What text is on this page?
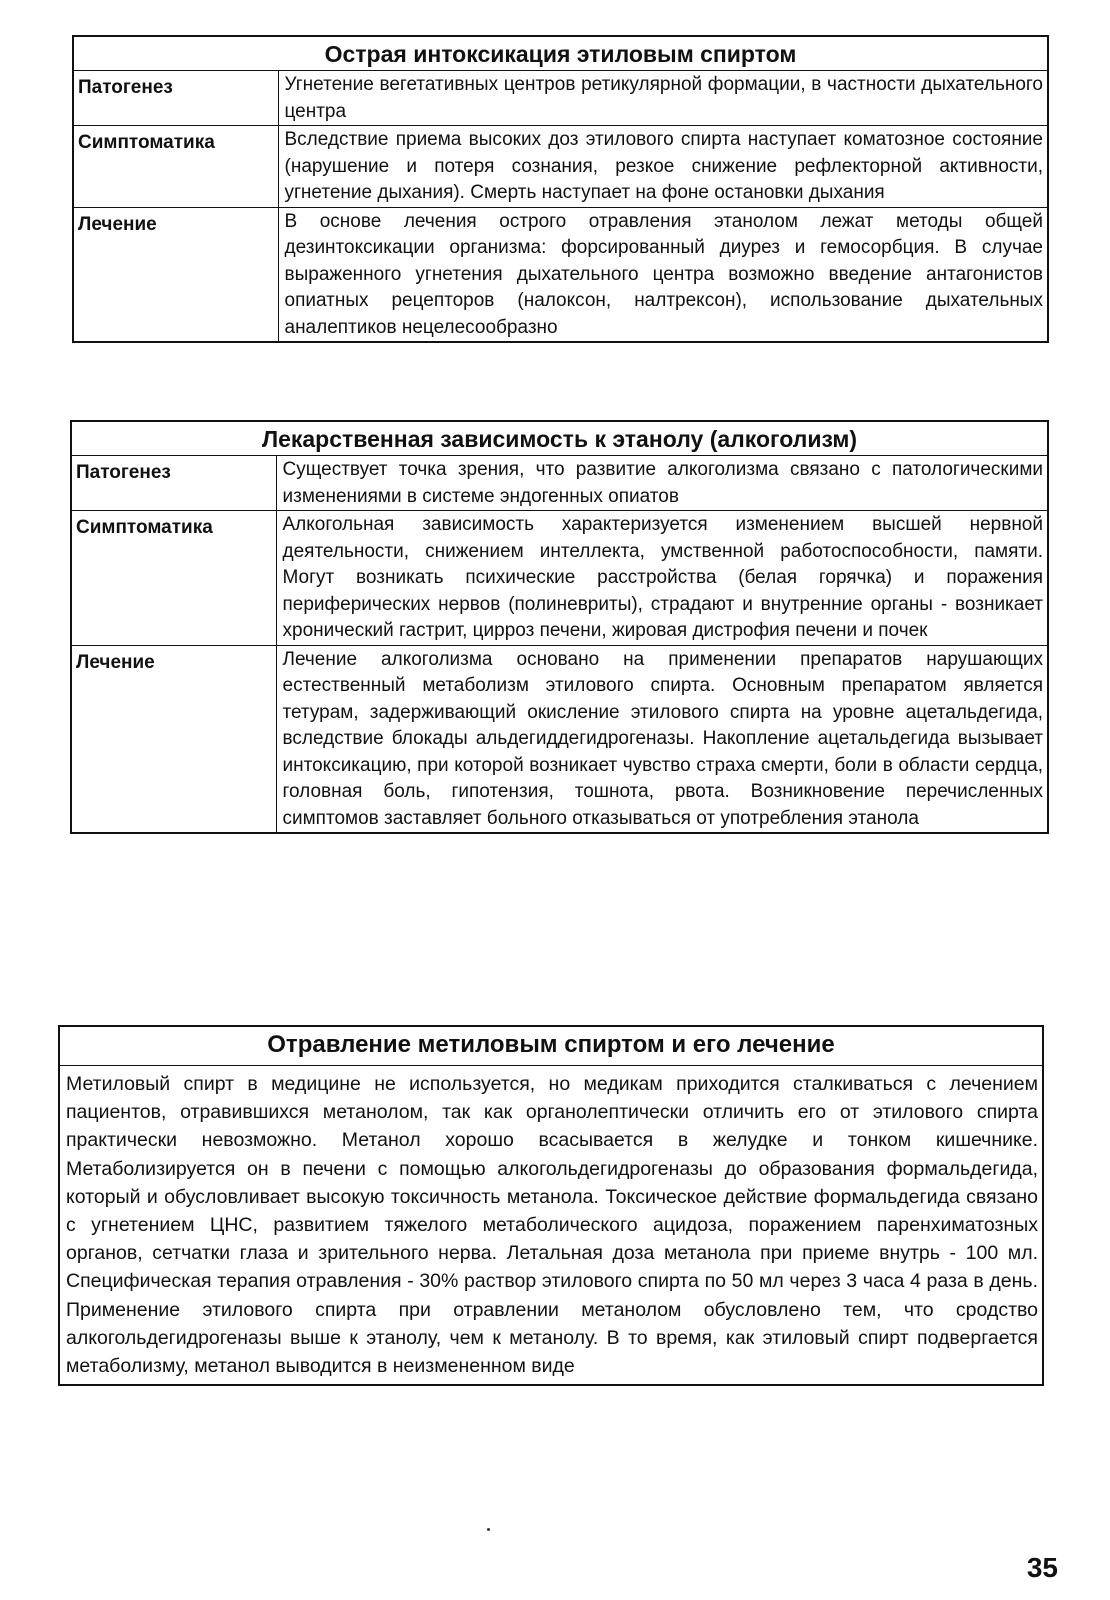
Острая интоксикация этиловым спиртом	
Патогенез	Угнетение вегетативных центров ретикулярной формации, в частности дыхательного центра
Симптоматика	Вследствие приема высоких доз этилового спирта наступает коматозное состояние (нарушение и потеря сознания, резкое снижение рефлекторной активности, угнетение дыхания). Смерть наступает на фоне остановки дыхания
Лечение	В основе лечения острого отравления этанолом лежат методы общей дезинтоксикации организма: форсированный диурез и гемосорбция. В случае выраженного угнетения дыхательного центра возможно введение антагонистов опиатных рецепторов (налоксон, налтрексон), использование дыхательных аналептиков нецелесообразно
Лекарственная зависимость к этанолу (алкоголизм)	
Патогенез	Существует точка зрения, что развитие алкоголизма связано с патологическими изменениями в системе эндогенных опиатов
Симптоматика	Алкогольная зависимость характеризуется изменением высшей нервной деятельности, снижением интеллекта, умственной работоспособности, памяти. Могут возникать психические расстройства (белая горячка) и поражения периферических нервов (полиневриты), страдают и внутренние органы - возникает хронический гастрит, цирроз печени, жировая дистрофия печени и почек
Лечение	Лечение алкоголизма основано на применении препаратов нарушающих естественный метаболизм этилового спирта. Основным препаратом является тетурам, задерживающий окисление этилового спирта на уровне ацетальдегида, вследствие блокады альдегиддегидрогеназы. Накопление ацетальдегида вызывает интоксикацию, при которой возникает чувство страха смерти, боли в области сердца, головная боль, гипотензия, тошнота, рвота. Возникновение перечисленных симптомов заставляет больного отказываться от употребления этанола
Отравление метиловым спиртом и его лечение
Метиловый спирт в медицине не используется, но медикам приходится сталкиваться с лечением пациентов, отравившихся метанолом, так как органолептически отличить его от этилового спирта практически невозможно. Метанол хорошо всасывается в желудке и тонком кишечнике. Метаболизируется он в печени с помощью алкогольдегидрогеназы до образования формальдегида, который и обусловливает высокую токсичность метанола. Токсическое действие формальдегида связано с угнетением ЦНС, развитием тяжелого метаболического ацидоза, поражением паренхиматозных органов, сетчатки глаза и зрительного нерва. Летальная доза метанола при приеме внутрь - 100 мл. Специфическая терапия отравления - 30% раствор этилового спирта по 50 мл через 3 часа 4 раза в день. Применение этилового спирта при отравлении метанолом обусловлено тем, что сродство алкогольдегидрогеназы выше к этанолу, чем к метанолу. В то время, как этиловый спирт подвергается метаболизму, метанол выводится в неизмененном виде
35
